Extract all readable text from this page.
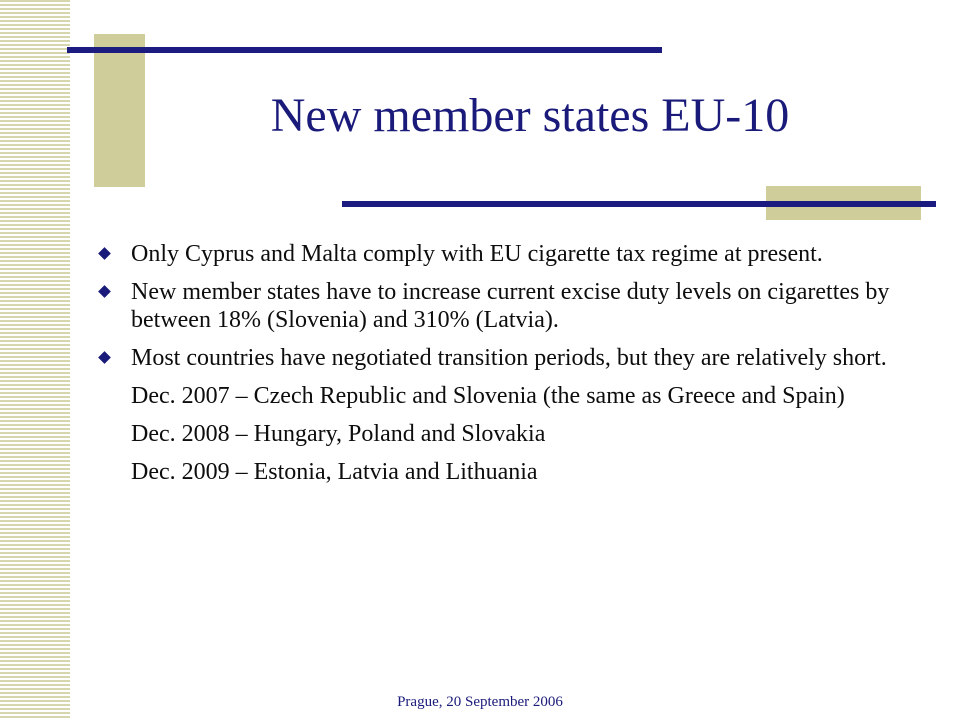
New member states EU-10
Only Cyprus and Malta comply with EU cigarette tax regime at present.
New member states have to increase current excise duty levels on cigarettes by between 18% (Slovenia) and 310% (Latvia).
Most countries have negotiated transition periods, but they are relatively short.
Dec. 2007 – Czech Republic and Slovenia (the same as Greece and Spain)
Dec. 2008 – Hungary, Poland and Slovakia
Dec. 2009 – Estonia, Latvia and Lithuania
Prague, 20 September 2006
